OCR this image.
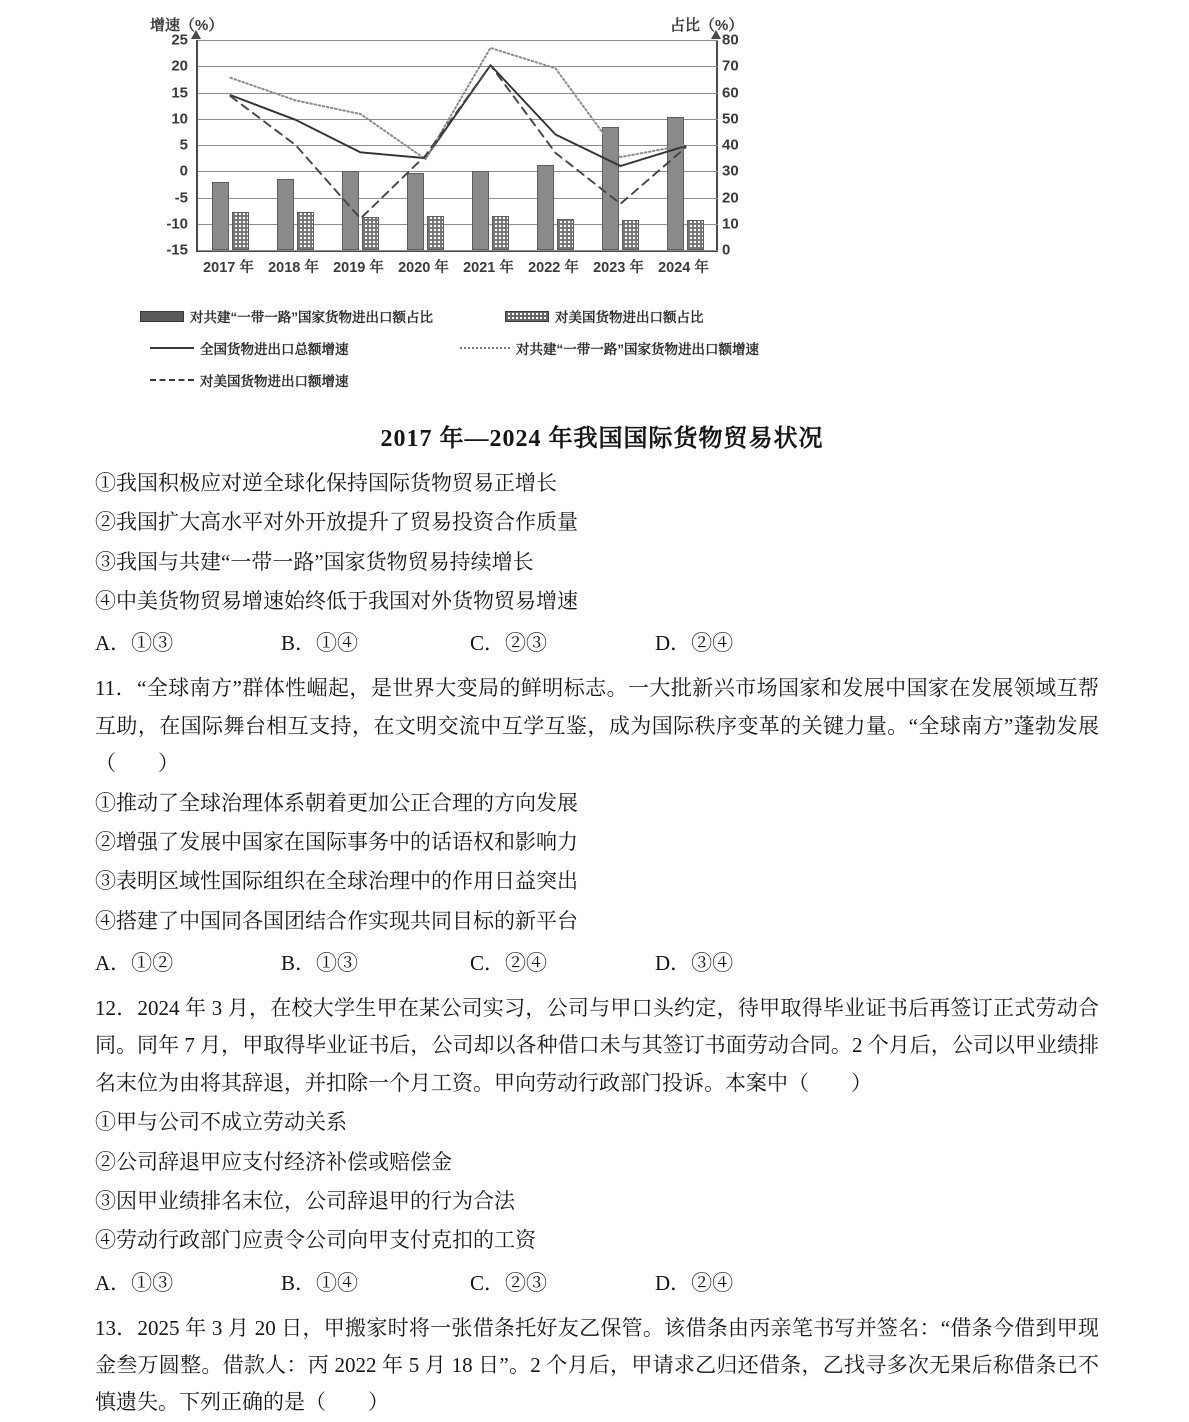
增速（%）	占比（%）
25
20
15
10
5
0
-5
-10
-15
80
70
60
50
40
30
20
10
0
2017 年 2018 年 2019 年 2020 年 2021 年 2022 年 2023 年 2024 年
对共建“一带一路”国家货物进出口额占比	对美国货物进出口额占比
全国货物进出口总额增速	对共建“一带一路”国家货物进出口额增速
对美国货物进出口额增速
2017 年—2024 年我国国际货物贸易状况
①我国积极应对逆全球化保持国际货物贸易正增长
②我国扩大高水平对外开放提升了贸易投资合作质量
③我国与共建“一带一路”国家货物贸易持续增长
④中美货物贸易增速始终低于我国对外货物贸易增速
A．①③	B．①④	C．②③	D．②④
11．“全球南方”群体性崛起，是世界大变局的鲜明标志。一大批新兴市场国家和发展中国家在发展领域互帮互助，在国际舞台相互支持，在文明交流中互学互鉴，成为国际秩序变革的关键力量。“全球南方”蓬勃发展（　　）
①推动了全球治理体系朝着更加公正合理的方向发展
②增强了发展中国家在国际事务中的话语权和影响力
③表明区域性国际组织在全球治理中的作用日益突出
④搭建了中国同各国团结合作实现共同目标的新平台
A．①②	B．①③	C．②④	D．③④
12．2024 年 3 月，在校大学生甲在某公司实习，公司与甲口头约定，待甲取得毕业证书后再签订正式劳动合同。同年 7 月，甲取得毕业证书后，公司却以各种借口未与其签订书面劳动合同。2 个月后，公司以甲业绩排名末位为由将其辞退，并扣除一个月工资。甲向劳动行政部门投诉。本案中（　　）
①甲与公司不成立劳动关系
②公司辞退甲应支付经济补偿或赔偿金
③因甲业绩排名末位，公司辞退甲的行为合法
④劳动行政部门应责令公司向甲支付克扣的工资
A．①③	B．①④	C．②③	D．②④
13．2025 年 3 月 20 日，甲搬家时将一张借条托好友乙保管。该借条由丙亲笔书写并签名：“借条今借到甲现金叁万圆整。借款人：丙 2022 年 5 月 18 日”。2 个月后，甲请求乙归还借条，乙找寻多次无果后称借条已不慎遗失。下列正确的是（　　）
